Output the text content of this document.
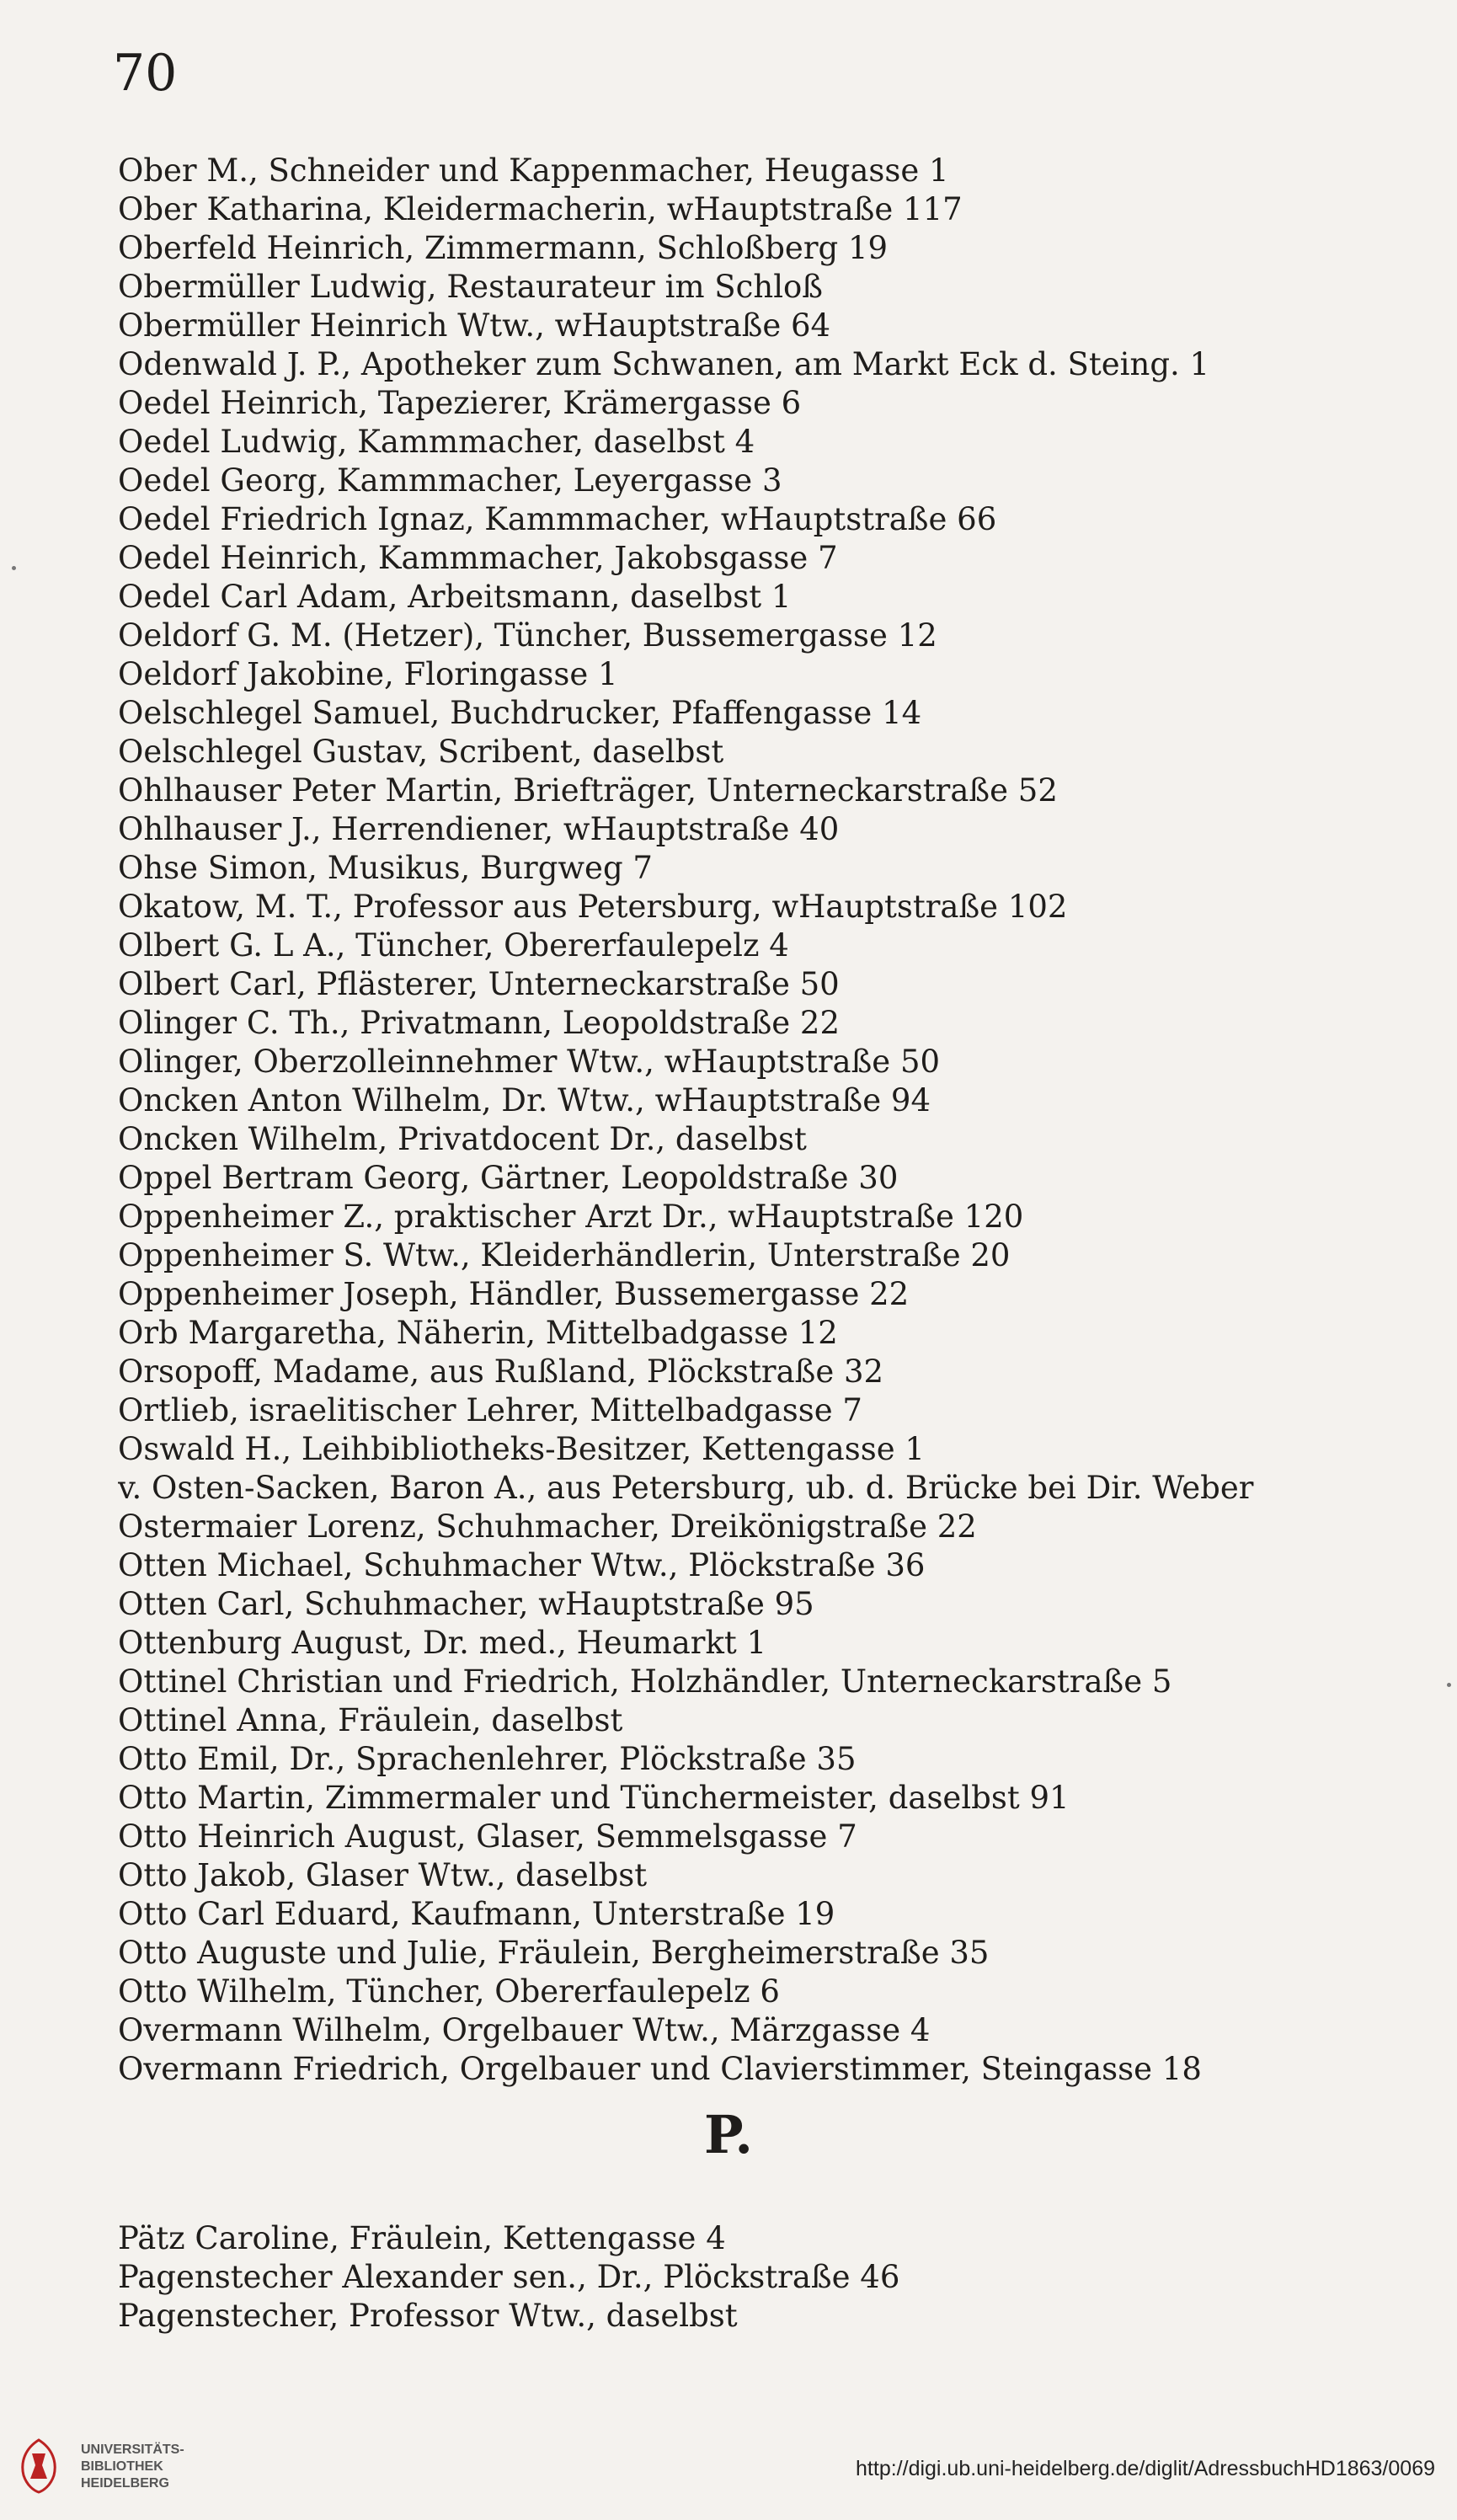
70
Ober M., Schneider und Kappenmacher, Heugasse 1
Ober Katharina, Kleidermacherin, wHauptstraße 117
Oberfeld Heinrich, Zimmermann, Schloßberg 19
Obermüller Ludwig, Restaurateur im Schloß
Obermüller Heinrich Wtw., wHauptstraße 64
Odenwald J. P., Apotheker zum Schwanen, am Markt Eck d. Steing. 1
Oedel Heinrich, Tapezierer, Krämergasse 6
Oedel Ludwig, Kammmacher, daselbst 4
Oedel Georg, Kammmacher, Leyergasse 3
Oedel Friedrich Ignaz, Kammmacher, wHauptstraße 66
Oedel Heinrich, Kammmacher, Jakobsgasse 7
Oedel Carl Adam, Arbeitsmann, daselbst 1
Oeldorf G. M. (Hetzer), Tüncher, Bussemergasse 12
Oeldorf Jakobine, Floringasse 1
Oelschlegel Samuel, Buchdrucker, Pfaffengasse 14
Oelschlegel Gustav, Scribent, daselbst
Ohlhauser Peter Martin, Briefträger, Unterneckarstraße 52
Ohlhauser J., Herrendiener, wHauptstraße 40
Ohse Simon, Musikus, Burgweg 7
Okatow, M. T., Professor aus Petersburg, wHauptstraße 102
Olbert G. L A., Tüncher, Obererfaulepelz 4
Olbert Carl, Pflästerer, Unterneckarstraße 50
Olinger C. Th., Privatmann, Leopoldstraße 22
Olinger, Oberzolleinnehmer Wtw., wHauptstraße 50
Oncken Anton Wilhelm, Dr. Wtw., wHauptstraße 94
Oncken Wilhelm, Privatdocent Dr., daselbst
Oppel Bertram Georg, Gärtner, Leopoldstraße 30
Oppenheimer Z., praktischer Arzt Dr., wHauptstraße 120
Oppenheimer S. Wtw., Kleiderhändlerin, Unterstraße 20
Oppenheimer Joseph, Händler, Bussemergasse 22
Orb Margaretha, Näherin, Mittelbadgasse 12
Orsopoff, Madame, aus Rußland, Plöckstraße 32
Ortlieb, israelitischer Lehrer, Mittelbadgasse 7
Oswald H., Leihbibliotheks-Besitzer, Kettengasse 1
v. Osten-Sacken, Baron A., aus Petersburg, ub. d. Brücke bei Dir. Weber
Ostermaier Lorenz, Schuhmacher, Dreikönigstraße 22
Otten Michael, Schuhmacher Wtw., Plöckstraße 36
Otten Carl, Schuhmacher, wHauptstraße 95
Ottenburg August, Dr. med., Heumarkt 1
Ottinel Christian und Friedrich, Holzhändler, Unterneckarstraße 5
Ottinel Anna, Fräulein, daselbst
Otto Emil, Dr., Sprachenlehrer, Plöckstraße 35
Otto Martin, Zimmermaler und Tünchermeister, daselbst 91
Otto Heinrich August, Glaser, Semmelsgasse 7
Otto Jakob, Glaser Wtw., daselbst
Otto Carl Eduard, Kaufmann, Unterstraße 19
Otto Auguste und Julie, Fräulein, Bergheimerstraße 35
Otto Wilhelm, Tüncher, Obererfaulepelz 6
Overmann Wilhelm, Orgelbauer Wtw., Märzgasse 4
Overmann Friedrich, Orgelbauer und Clavierstimmer, Steingasse 18
P.
Pätz Caroline, Fräulein, Kettengasse 4
Pagenstecher Alexander sen., Dr., Plöckstraße 46
Pagenstecher, Professor Wtw., daselbst
UNIVERSITÄTS-
BIBLIOTHEK
HEIDELBERG
http://digi.ub.uni-heidelberg.de/diglit/AdressbuchHD1863/0069
